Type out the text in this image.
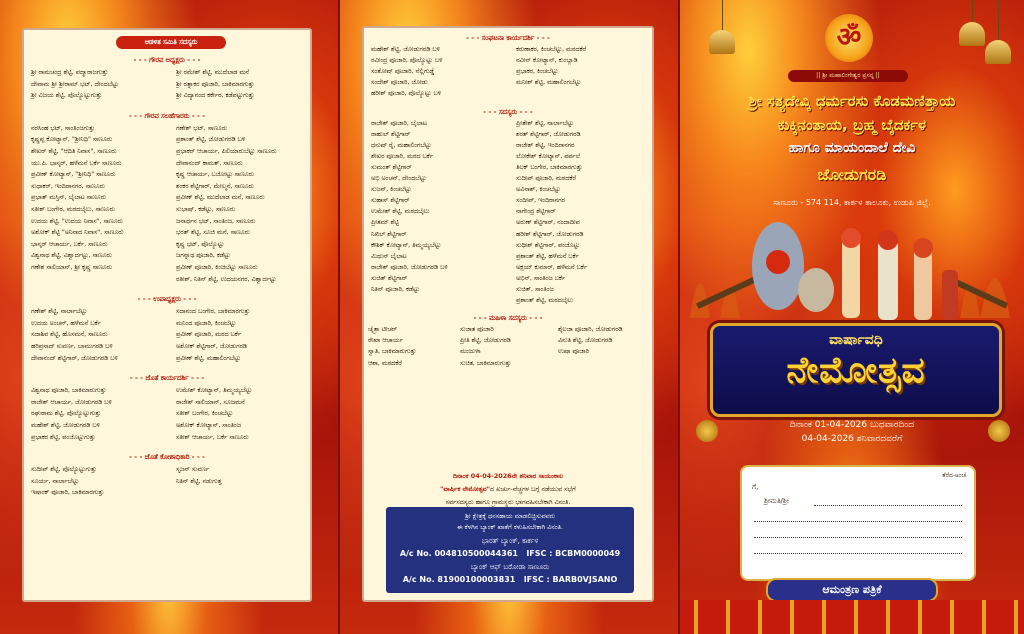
ಆಡಳಿತ ಸಮಿತಿ ಸದಸ್ಯರು
- - - ಗೌರವ ಅಧ್ಯಕ್ಷರು - - -
ಶ್ರೀ ರಾಮಚಂದ್ರ ಶೆಟ್ಟಿ, ಪದ್ಮಾರಾಜಗುತ್ತು	ಶ್ರೀ ರಮೇಶ್ ಶೆಟ್ಟಿ, ಮುದೆಲಾಡ ಮನೆ
ದೇವಾಮ ಶ್ರೀ ಶ್ರೀರಾಮ್ ಭಟ್, ದೇಂದಬೆಟ್ಟು	ಶ್ರೀ ರತ್ನಾಕರ ಪೂಜಾರಿ, ಬಾಕಿಮಾರಗುತ್ತು
ಶ್ರೀ ವಿಜಯ ಶೆಟ್ಟಿ, ಪೊಲ್ಯೊಟ್ಟುಗುತ್ತು	ಶ್ರೀ ವಿದ್ಯಾನಂದ ಕರ್ಕೇರ, ಕಡೆಪಟ್ಟುಗುತ್ತು
- - - ಗೌರವ ಸಲಹೆಗಾರರು - - -
ನರಸಿಂಹ ಭಟ್, ಸಾಂತಿಂಜಗುತ್ತು	ಗಣೇಶ್ ಭಟ್, ಸಾಣೂರು
ಕೃಷ್ಣಪ್ಪ ಕೋಟ್ಯಾನ್, "ಶ್ರೀನಿಧಿ" ಸಾಣೂರು	ಪ್ರಶಾಂತ್ ಶೆಟ್ಟಿ, ಜೋಡುಗರಡಿ ಬಳಿ
ಶೇಖರ್ ಶೆಟ್ಟಿ, "ಆದಿತಿ ನಿವಾಸ", ಸಾಣೂರು	ಪ್ರಭಾಕರ್ ಆಚಾರ್ಯ, ಪಿಲಿಯಾರುಬೆಟ್ಟು ಸಾಣೂರು
ಯು.ಪಿ. ಭಾಸ್ಕರ್, ಹಳೆಮನೆ ಬರ್ಕೆ ಸಾಣೂರು	ದೇವಾನಂದ್ ಕಾಮತ್, ಸಾಣೂರು
ಪ್ರವೀಣ್ ಕೋಟ್ಯಾನ್, "ಶ್ರೀನಿಧಿ" ಸಾಣೂರು	ಕೃಷ್ಣ ಆಚಾರ್ಯ, ಬಜೋಟ್ಟು ಸಾಣೂರು
ಸುಧಾಕರ್, ಇಂದಿರಾನಗರ, ಸಾಣೂರು	ಶಂಕರ ಶೆಟ್ಟಿಗಾರ್, ಮೇಲ್ಮನೆ, ಸಾಣೂರು
ಪ್ರಭಾತ್ ಮಸ್ತಿನ್, ಬೈಲಾಟ ಸಾಣೂರು	ಪ್ರವೀಣ್ ಶೆಟ್ಟಿ, ಮುದೆಲಾಡ ಮನೆ, ಸಾಣೂರು
ಸತೀಶ್ ಬಂಗೇರ, ಮಠದಬೈಲು, ಸಾಣೂರು	ಸುಭಾಷ್, ಕಡೆಟ್ಟು, ಸಾಣೂರು
ಉದಯ ಶೆಟ್ಟಿ, "ಉದಯ ನಿವಾಸ", ಸಾಣೂರು	ಜನಾರ್ಧನ ಭಟ್, ಸಾಂತಿಂಜ, ಸಾಣೂರು
ಅಶೋಕ್ ಶೆಟ್ಟಿ "ಅನಿನಾದ ನಿವಾಸ", ಸಾಣೂರು	ಭರತ್ ಶೆಟ್ಟಿ, ಸೂಜಿ ಮನೆ, ಸಾಣೂರು
ಭಾಸ್ಕರ್ ಆಚಾರ್ಯ, ಬರ್ಕೆ, ಸಾಣೂರು	ಕೃಷ್ಣ ಭಟ್, ಪೊಲ್ಯೊಟ್ಟು
ವಿಶ್ವನಾಥ ಶೆಟ್ಟಿ, ವಿಶ್ವಾರ್ದಟ್ಟು, ಸಾಣೂರು	ಜಗನ್ನಾಥ ಪೂಜಾರಿ, ಕಡೆಟ್ಟು
ಗಣೇಶ ಸಾಲಿಯಾನ್, ಶ್ರೀ ಕೃಷ್ಣ ಸಾಣೂರು	ಪ್ರವೀಣ್ ಪೂಜಾರಿ, ಕಿಂಚಿಬೆಟ್ಟು ಸಾಣೂರು
ರತೀಶ್, ನಿತಿನ್ ಶೆಟ್ಟಿ, ಉದಯನಗರ, ವಿಶ್ವಾರ್ದಟ್ಟು
- - - ಉಪಾಧ್ಯಕ್ಷರು - - -
ಗಣೇಶ್ ಶೆಟ್ಟಿ, ನಾರ್ಲಾಬೆಟ್ಟು	ಸದಾನಂದ ಬಂಗೇರ, ಬಾಕಿಮಾರಗುತ್ತು
ಉದಯ ಅಂಚನ್, ಹಳೆಮನೆ ಬರ್ಕೆ	ಮನಿಂದ ಪೂಜಾರಿ, ಕಿಂಚಬೆಟ್ಟು
ಸದಾಶಿವ ಶೆಟ್ಟಿ, ಹೊಸಮನೆ, ಸಾಣೂರು	ಪ್ರವೀಣ್ ಪೂಜಾರಿ, ಮಠದ ಬರ್ಕೆ
ಹರಿಪ್ರಸಾದ್ ಸುವರ್ಣ, ಬಾಮುಗರಡಿ ಬಳಿ	ಅಶೋಕ್ ಶೆಟ್ಟಿಗಾರ್, ಜೋಡುಗರಡಿ
ದೇವಾನಂದ್ ಶೆಟ್ಟಿಗಾರ್, ಜೋಡುಗರಡಿ ಬಳಿ	ಪ್ರವೀಣ್ ಶೆಟ್ಟಿ, ಮಹಾಲಿಂಗಬೆಟ್ಟು
- - - ಜೊತೆ ಕಾರ್ಯದರ್ಶಿ - - -
ವಿಶ್ವನಾಥ ಪೂಜಾರಿ, ಬಾಕಿಮಾರುಗುತ್ತು	ಉಮೇಶ್ ಕೋಟ್ಯಾನ್, ತಿಮ್ಮಯ್ಯಬೆಟ್ಟು
ರಾಜೇಶ್ ಆಚಾರ್ಯ, ಜೋಡುಗರಡಿ ಬಳಿ	ರಾಜೇಶ್ ಸಾಲಿಯಾನ್, ಸೂಜಮನೆ
ರಘುರಾಮ ಶೆಟ್ಟಿ, ಪೊಲ್ಯೊಟ್ಟುಗುತ್ತು	ಸತೀಶ್ ಬಂಗೇರ, ಕಿಂಚಬೆಟ್ಟು
ಮಹೇಶ್ ಶೆಟ್ಟಿ, ಜೋಡುಗರಡಿ ಬಳಿ	ಅಶೋಕ್ ಕೋಟ್ಯಾನ್, ಸಾಂತಿಂಜ
ಪ್ರಭಾಕರ ಶೆಟ್ಟಿ, ಪಂಜೊಟ್ಟುಗುತ್ತು	ಸತೀಶ್ ಆಚಾರ್ಯ, ಬರ್ಕೆ ಸಾಣೂರು
- - - ಜೊತೆ ಕೋಶಾಧಿಕಾರಿ - - -
ಸುದೀಪ್ ಶೆಟ್ಟಿ, ಪೊಲ್ಯೊಟ್ಟುಗುತ್ತು	ಸೃಜನ್ ಸುವರ್ಣ
ಸೂರ್ಯ, ನಾರ್ಲಾಬೆಟ್ಟು	ನಿತಿನ್ ಶೆಟ್ಟಿ, ನಡುಗುತ್ತ
ಇಷಾಂಕ್ ಪೂಜಾರಿ, ಬಾಕಿಮಾರಗುತ್ತು
- - - ಸಂಘಟನಾ ಕಾರ್ಯದರ್ಶಿ - - -
ಮಹೇಶ್ ಶೆಟ್ಟಿ, ಜೋಡುಗರಡಿ ಬಳಿ	ಕರುಣಾಕರ, ಕಿಂಚಬೆಟ್ಟು, ಮಠದಕೆರೆ
ರವೀಂದ್ರ ಪೂಜಾರಿ, ಪೊಲ್ಯೊಟ್ಟು ಬಳಿ	ನವೀನ್ ಕೋಟ್ಯಾನ್, ಕುಂಬ್ಲಾಡಿ
ಸಂತೋಷ್ ಪೂಜಾರಿ, ನೆಲ್ಲಿಗುಡ್ಡೆ	ಪ್ರಭಾಕರ, ಕಿಂಚಬೆಟ್ಟು
ಸಂದೇಶ್ ಪೂಜಾರಿ, ಜೋಡು	ಮನೀಶ್ ಶೆಟ್ಟಿ, ಮಹಾಲಿಂಗಬೆಟ್ಟು
ಹರೀಶ್ ಪೂಜಾರಿ, ಪೊಲ್ಯೊಟ್ಟು ಬಳಿ
- - - ಸದಸ್ಯರು - - -
ರಾಜೇಶ್ ಪೂಜಾರಿ, ಬೈಲಾಟ	ಪ್ರೀತೇಶ್ ಶೆಟ್ಟಿ, ನಾರ್ಲಾಬೆಟ್ಟು
ರಾಹುಲ್ ಶೆಟ್ಟಿಗಾರ್	ಶರತ್ ಶೆಟ್ಟಿಗಾರ್, ಜೋಡುಗರಡಿ
ಧನುಷ್ ರೈ, ಮಹಾಲಿಂಗಬೆಟ್ಟು	ರಾಜೇಶ್ ಶೆಟ್ಟಿ, ಇಂದಿರಾನಗರ
ಶೇಖರ ಪೂಜಾರಿ, ಮಠದ ಬರ್ಕೆ	ಲೋಕೇಶ್ ಕೋಟ್ಯಾನ್, ಪರ್ಪಲೆ
ಸುಮಂತ್ ಶೆಟ್ಟಿಗಾರ್	ತಿಲಕ್ ಬಂಗೇರ, ಬಾಕಿಮಾರಗುತ್ತು
ಅಭಿ ಅಂಚನ್, ದೇಂದಬೆಟ್ಟು	ಸುದೀಪ್ ಪೂಜಾರಿ, ಮಠದಕೆರೆ
ಸುಜನ್, ಕಿಂಚಬೆಟ್ಟು	ಅವಿನಾಶ್, ಕಿಂಚಬೆಟ್ಟು
ಸುಹಾಸ್ ಶೆಟ್ಟಿಗಾರ್	ಸಂದೀಪ್, ಇಂದಿರಾನಗರ
ಉಮೇಶ್ ಶೆಟ್ಟಿ, ಮಠದಬೈಲು	ನಾಗೇಂದ್ರ ಶೆಟ್ಟಿಗಾರ್
ಪ್ರೀತಮ್ ಶೆಟ್ಟಿ	ಅರುಣ್ ಶೆಟ್ಟಿಗಾರ್, ನಂದಾದೀಪ
ನಿಖಿಲ್ ಶೆಟ್ಟಿಗಾರ್	ಹರೀಶ್ ಶೆಟ್ಟಿಗಾರ್, ಜೋಡುಗರಡಿ
ಕೌಶಿಕ್ ಕೋಟ್ಯಾನ್, ತಿಮ್ಮಯ್ಯಬೆಟ್ಟು	ಸುಧೀಶ್ ಶೆಟ್ಟಿಗಾರ್, ಪಂಜೊಟ್ಟು
ಮಿಥುನ್ ಬೈಲಾಟ	ಪ್ರಶಾಂತ್ ಶೆಟ್ಟಿ, ಹಳೆಮನೆ ಬರ್ಕೆ
ರಾಜೇಶ್ ಪೂಜಾರಿ, ಜೋಡುಗರಡಿ ಬಳಿ	ಅಕ್ಷಯ್ ಕುಮಾರ್, ಹಳೆಮನೆ ಬರ್ಕೆ
ಸುಜಿತ್ ಶೆಟ್ಟಿಗಾರ್	ಅಭಿನ್, ಸಾಂತಿಂಜ ಬರ್ಕೆ
ನಿತಿನ್ ಪೂಜಾರಿ, ಕಡೆಟ್ಟು	ಸುಜಿತ್, ಸಾಂತಿಂಜ
ಪ್ರಶಾಂತ್ ಶೆಟ್ಟಿ, ಮಠದಬೈಲು
- - - ಮಹಿಳಾ ಸದಸ್ಯರು - - -
ಚೈತ್ರಾ ಟೀಚರ್	ಸುಜಾತ ಪೂಜಾರಿ	ಶೈಲಜಾ ಪೂಜಾರಿ, ಜೋಡುಗರಡಿ
ರೇಖಾ ಆಚಾರ್ಯ	ಪ್ರೀತಿ ಶೆಟ್ಟಿ, ಜೋಡುಗರಡಿ	ವಿನುತಿ ಶೆಟ್ಟಿ, ಜೋಡುಗರಡಿ
ಸ್ವಾತಿ, ಬಾಕಿಮಾರುಗುತ್ತು	ಮಂಜುಳಾ	ಉಷಾ ಪೂಜಾರಿ
ಆಶಾ, ಮಠದಕೆರೆ	ಸುಚಿತ, ಬಾಕಿಮಾರುಗುತ್ತು
ದಿನಾಂಕ 04-04-2026ನೇ ಶನಿವಾರ ಸಾಯಂಕಾಲ
"ವಾರ್ಷಿಕ ನೇಮೋತ್ಸವ"ದ ಖರ್ಚು-ವೆಚ್ಚಗಳ ಬಗ್ಗೆ ನಡೆಯುವ ಸಭೆಗೆ
ಸರ್ವಸದಸ್ಯರು ಹಾಗೂ ಗ್ರಾಮಸ್ಥರು ಭಾಗವಹಿಸಬೇಕಾಗಿ ವಿನಂತಿ.
ಶ್ರೀ ಕ್ಷೇತ್ರಕ್ಕೆ ಧನಸಹಾಯ ಮಾಡಲಿಚ್ಛಿಸುವವರು
ಈ ಕೆಳಗಿನ ಬ್ಯಾಂಕ್ ಖಾತೆಗೆ ಕಳುಹಿಸಬೇಕಾಗಿ ವಿನಂತಿ.
ಭಾರತ್ ಬ್ಯಾಂಕ್, ಕಾರ್ಕಳ
A/c No. 004810500044361 IFSC : BCBM0000049
ಬ್ಯಾಂಕ್ ಆಫ್ ಬರೋಡಾ ಸಾಣೂರು
A/c No. 81900100003831 IFSC : BARB0VJSANO
ॐ
|| ಶ್ರೀ ಮಹಾಲಿಂಗೇಶ್ವರ ಪ್ರಸನ್ನ ||
ಶ್ರೀ ಸತ್ಯದೇವ್ಕಿ ಧರ್ಮರಸು ಕೊಡಮಣಿತ್ತಾಯ
ಕುಕ್ಕಿನಂತಾಯ, ಬ್ರಹ್ಮ ಬೈದರ್ಕಳ
ಹಾಗೂ ಮಾಯಂದಾಲೆ ದೇವಿ
ಜೋಡುಗರಡಿ
ಸಾಣೂರು - 574 114, ಕಾರ್ಕಳ ತಾಲೂಕು, ಉಡುಪಿ ಜಿಲ್ಲೆ.
ವಾರ್ಷಾವಧಿ
ನೇಮೋತ್ಸವ
ದಿನಾಂಕ 01-04-2026 ಬುಧವಾರದಿಂದ
04-04-2026 ಶನಿವಾರದವರೆಗೆ
ತೆರೆದ-ಅಂಚೆ
ಗೆ,
ಶ್ರೀಮತಿ/ಶ್ರೀ
ಆಮಂತ್ರಣ ಪತ್ರಿಕೆ
